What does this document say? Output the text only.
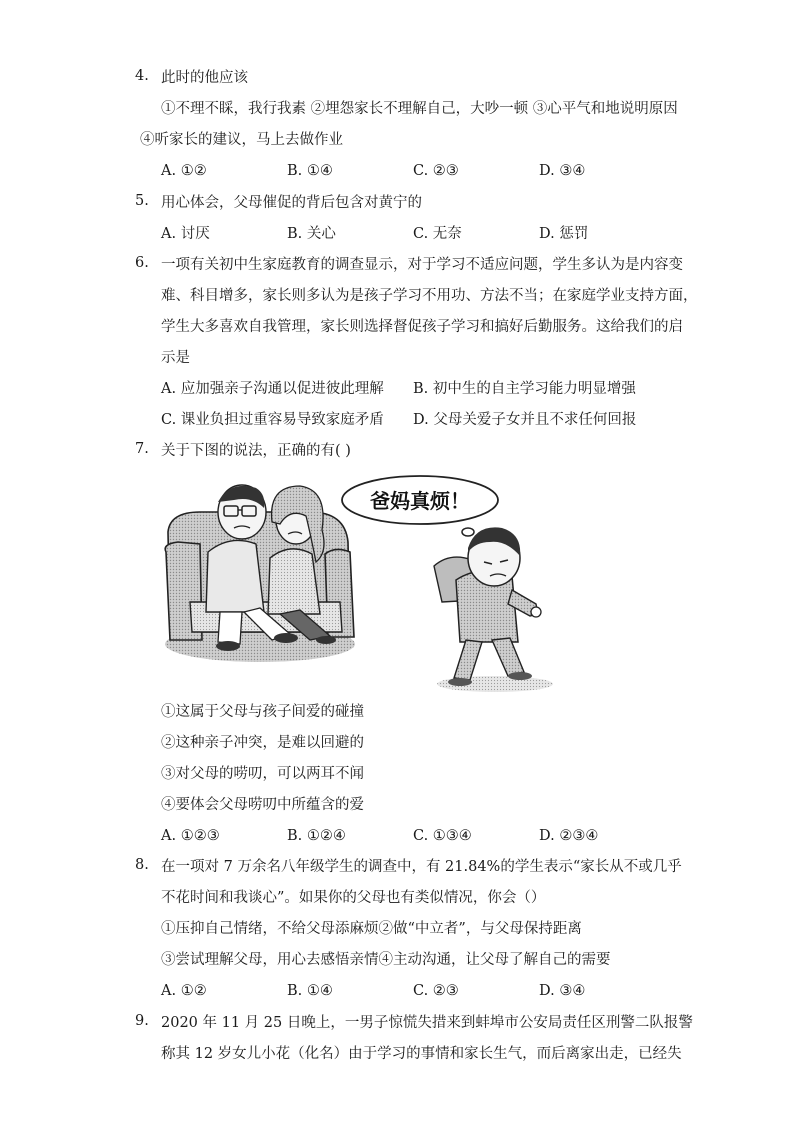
4. 此时的他应该
①不理不睬，我行我素 ②埋怨家长不理解自己，大吵一顿 ③心平气和地说明原因
④听家长的建议，马上去做作业
A. ①②	B. ①④	C. ②③	D. ③④
5. 用心体会，父母催促的背后包含对黄宁的
A. 讨厌	B. 关心	C. 无奈	D. 惩罚
6. 一项有关初中生家庭教育的调查显示，对于学习不适应问题，学生多认为是内容变
难、科目增多，家长则多认为是孩子学习不用功、方法不当；在家庭学业支持方面，
学生大多喜欢自我管理，家长则选择督促孩子学习和搞好后勤服务。这给我们的启
示是
A. 应加强亲子沟通以促进彼此理解 B. 初中生的自主学习能力明显增强
C. 课业负担过重容易导致家庭矛盾 D. 父母关爱子女并且不求任何回报
7. 关于下图的说法，正确的有( )
爸妈真烦！
①这属于父母与孩子间爱的碰撞
②这种亲子冲突，是难以回避的
③对父母的唠叨，可以两耳不闻
④要体会父母唠叨中所蕴含的爱
A. ①②③	B. ①②④	C. ①③④	D. ②③④
8. 在一项对 7 万余名八年级学生的调查中，有 21.84%的学生表示“家长从不或几乎
不花时间和我谈心”。如果你的父母也有类似情况，你会（）
①压抑自己情绪，不给父母添麻烦②做“中立者”，与父母保持距离
③尝试理解父母，用心去感悟亲情④主动沟通，让父母了解自己的需要
A. ①②	B. ①④	C. ②③	D. ③④
9. 2020 年 11 月 25 日晚上，一男子惊慌失措来到蚌埠市公安局责任区刑警二队报警
称其 12 岁女儿小花（化名）由于学习的事情和家长生气，而后离家出走，已经失
